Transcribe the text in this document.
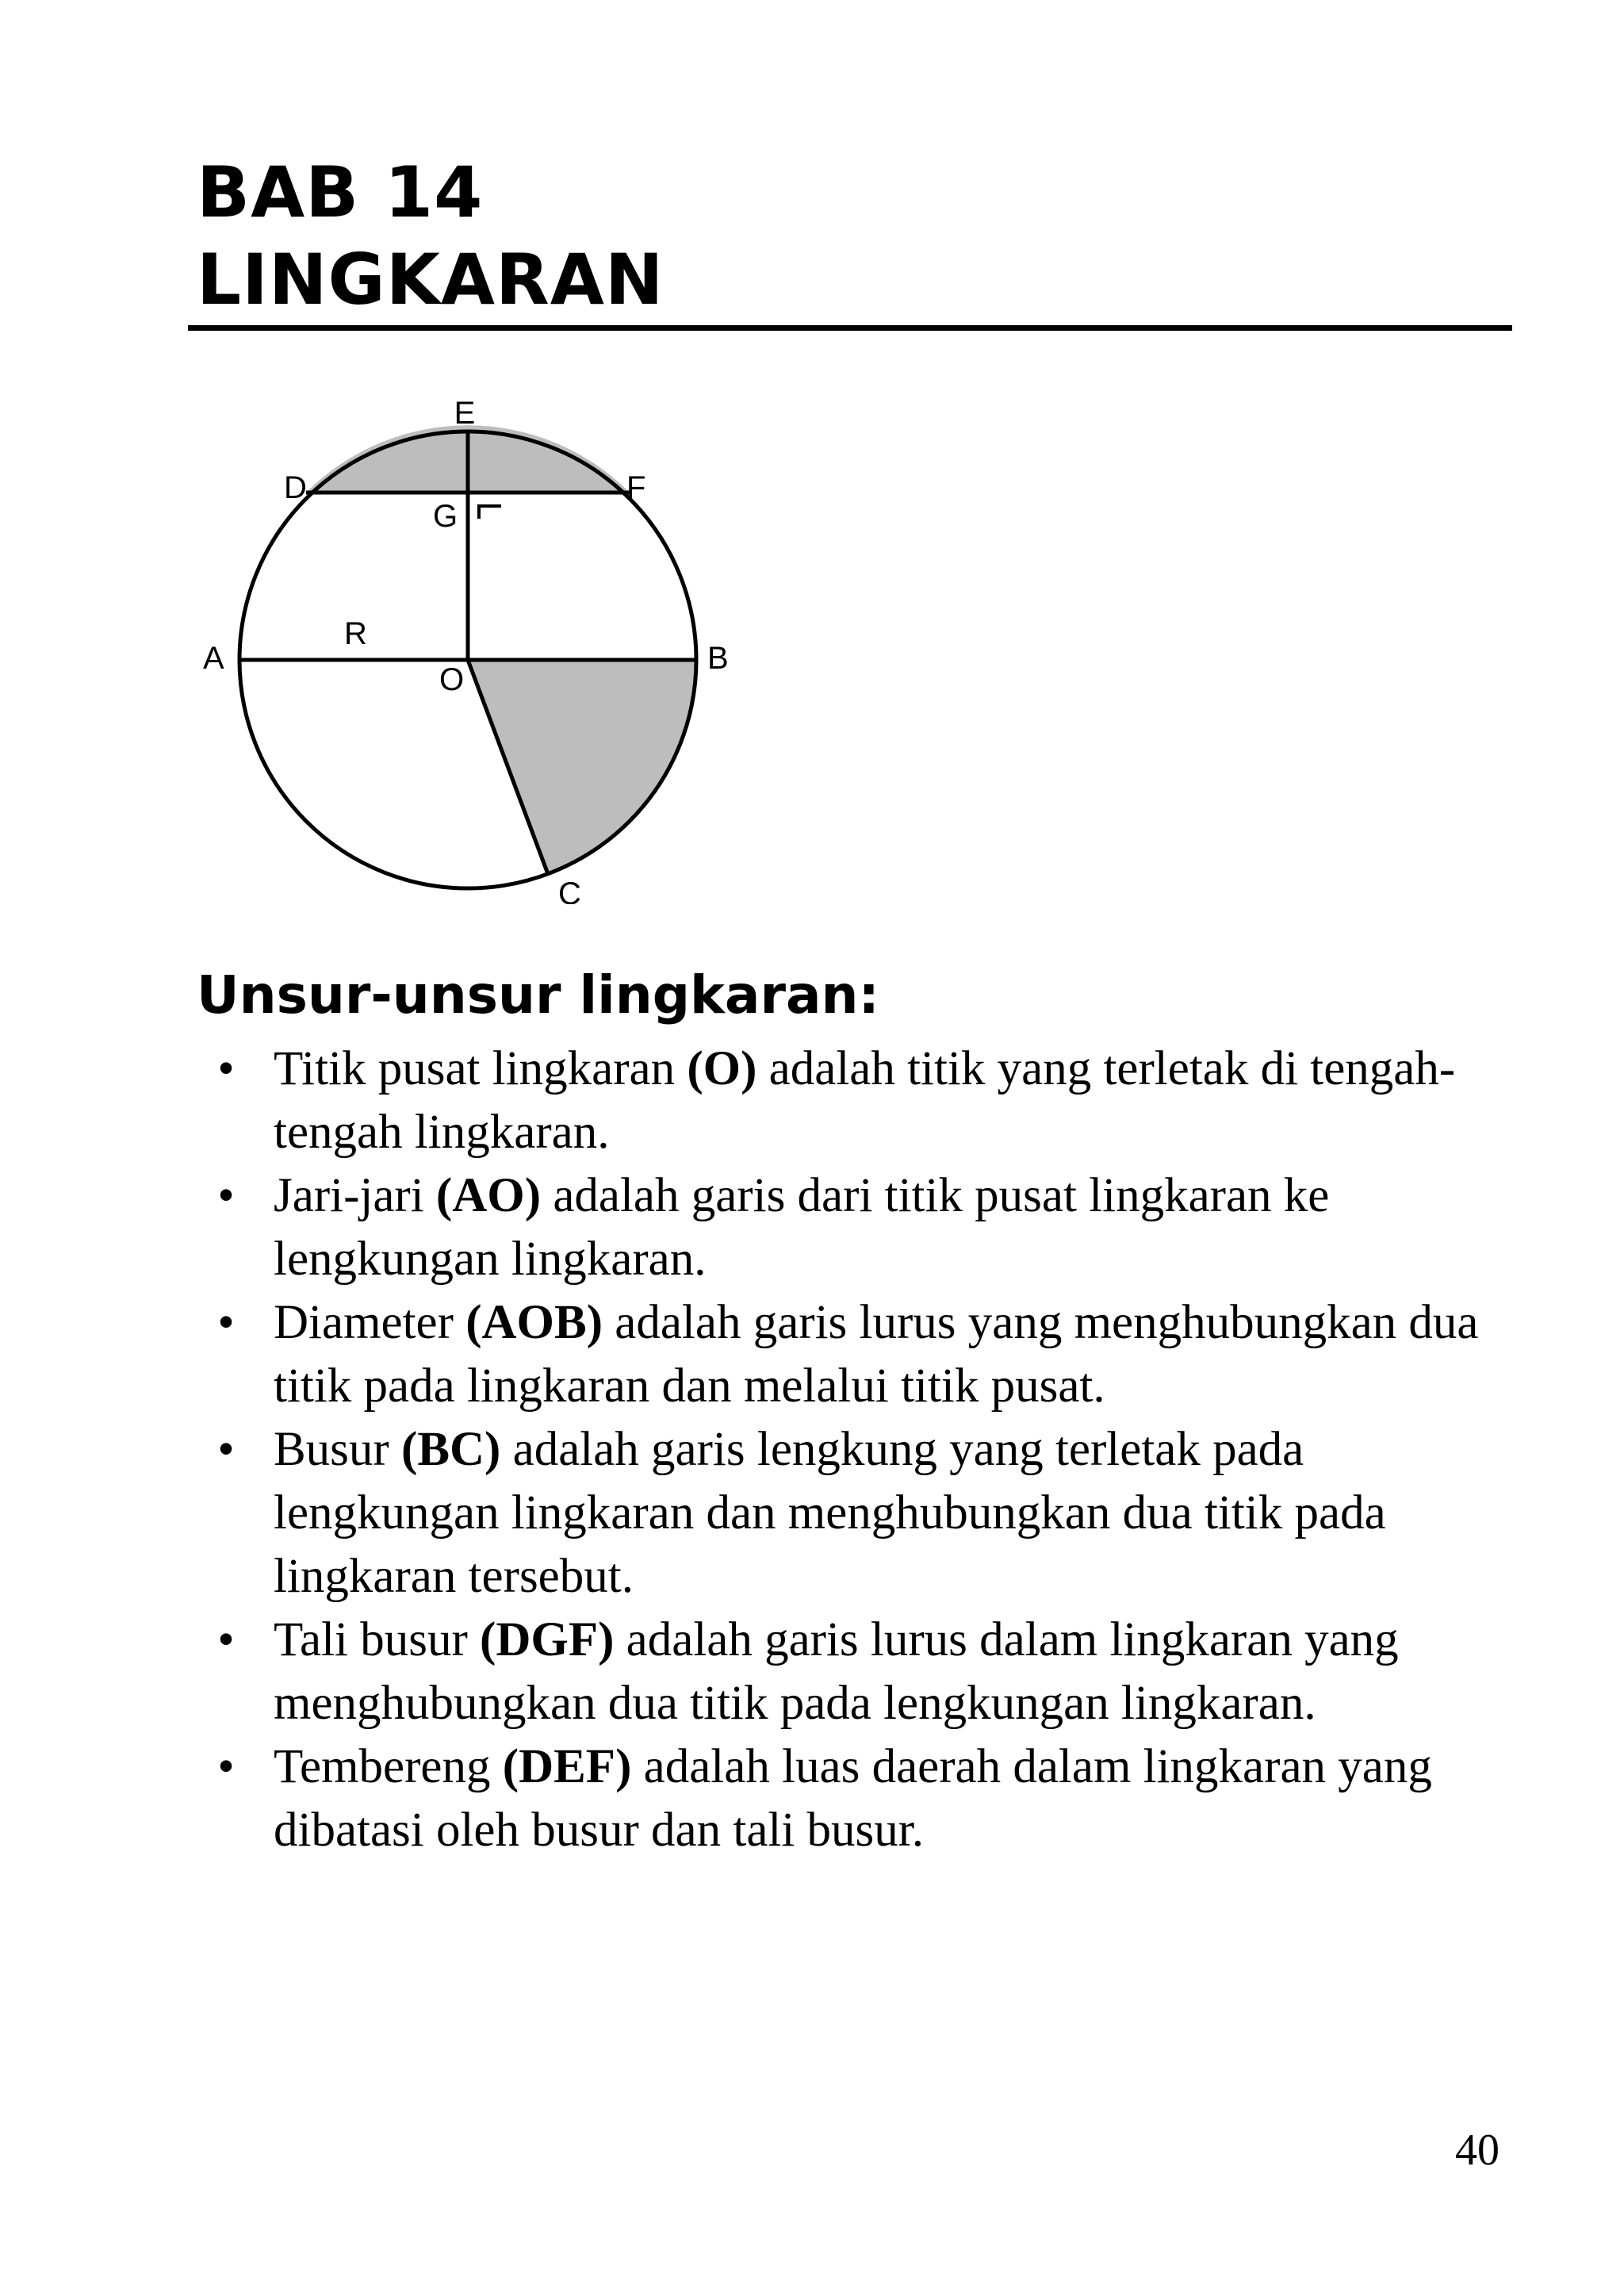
BAB 14
LINGKARAN
E
D	F
G
A
R
O
B
C
Unsur-unsur lingkaran:
• Titik pusat lingkaran (O) adalah titik yang terletak di tengah-tengah lingkaran.
• Jari-jari (AO) adalah garis dari titik pusat lingkaran ke lengkungan lingkaran.
• Diameter (AOB) adalah garis lurus yang menghubungkan dua titik pada lingkaran dan melalui titik pusat.
• Busur (BC) adalah garis lengkung yang terletak pada lengkungan lingkaran dan menghubungkan dua titik pada lingkaran tersebut.
• Tali busur (DGF) adalah garis lurus dalam lingkaran yang menghubungkan dua titik pada lengkungan lingkaran.
• Tembereng (DEF) adalah luas daerah dalam lingkaran yang dibatasi oleh busur dan tali busur.
40
